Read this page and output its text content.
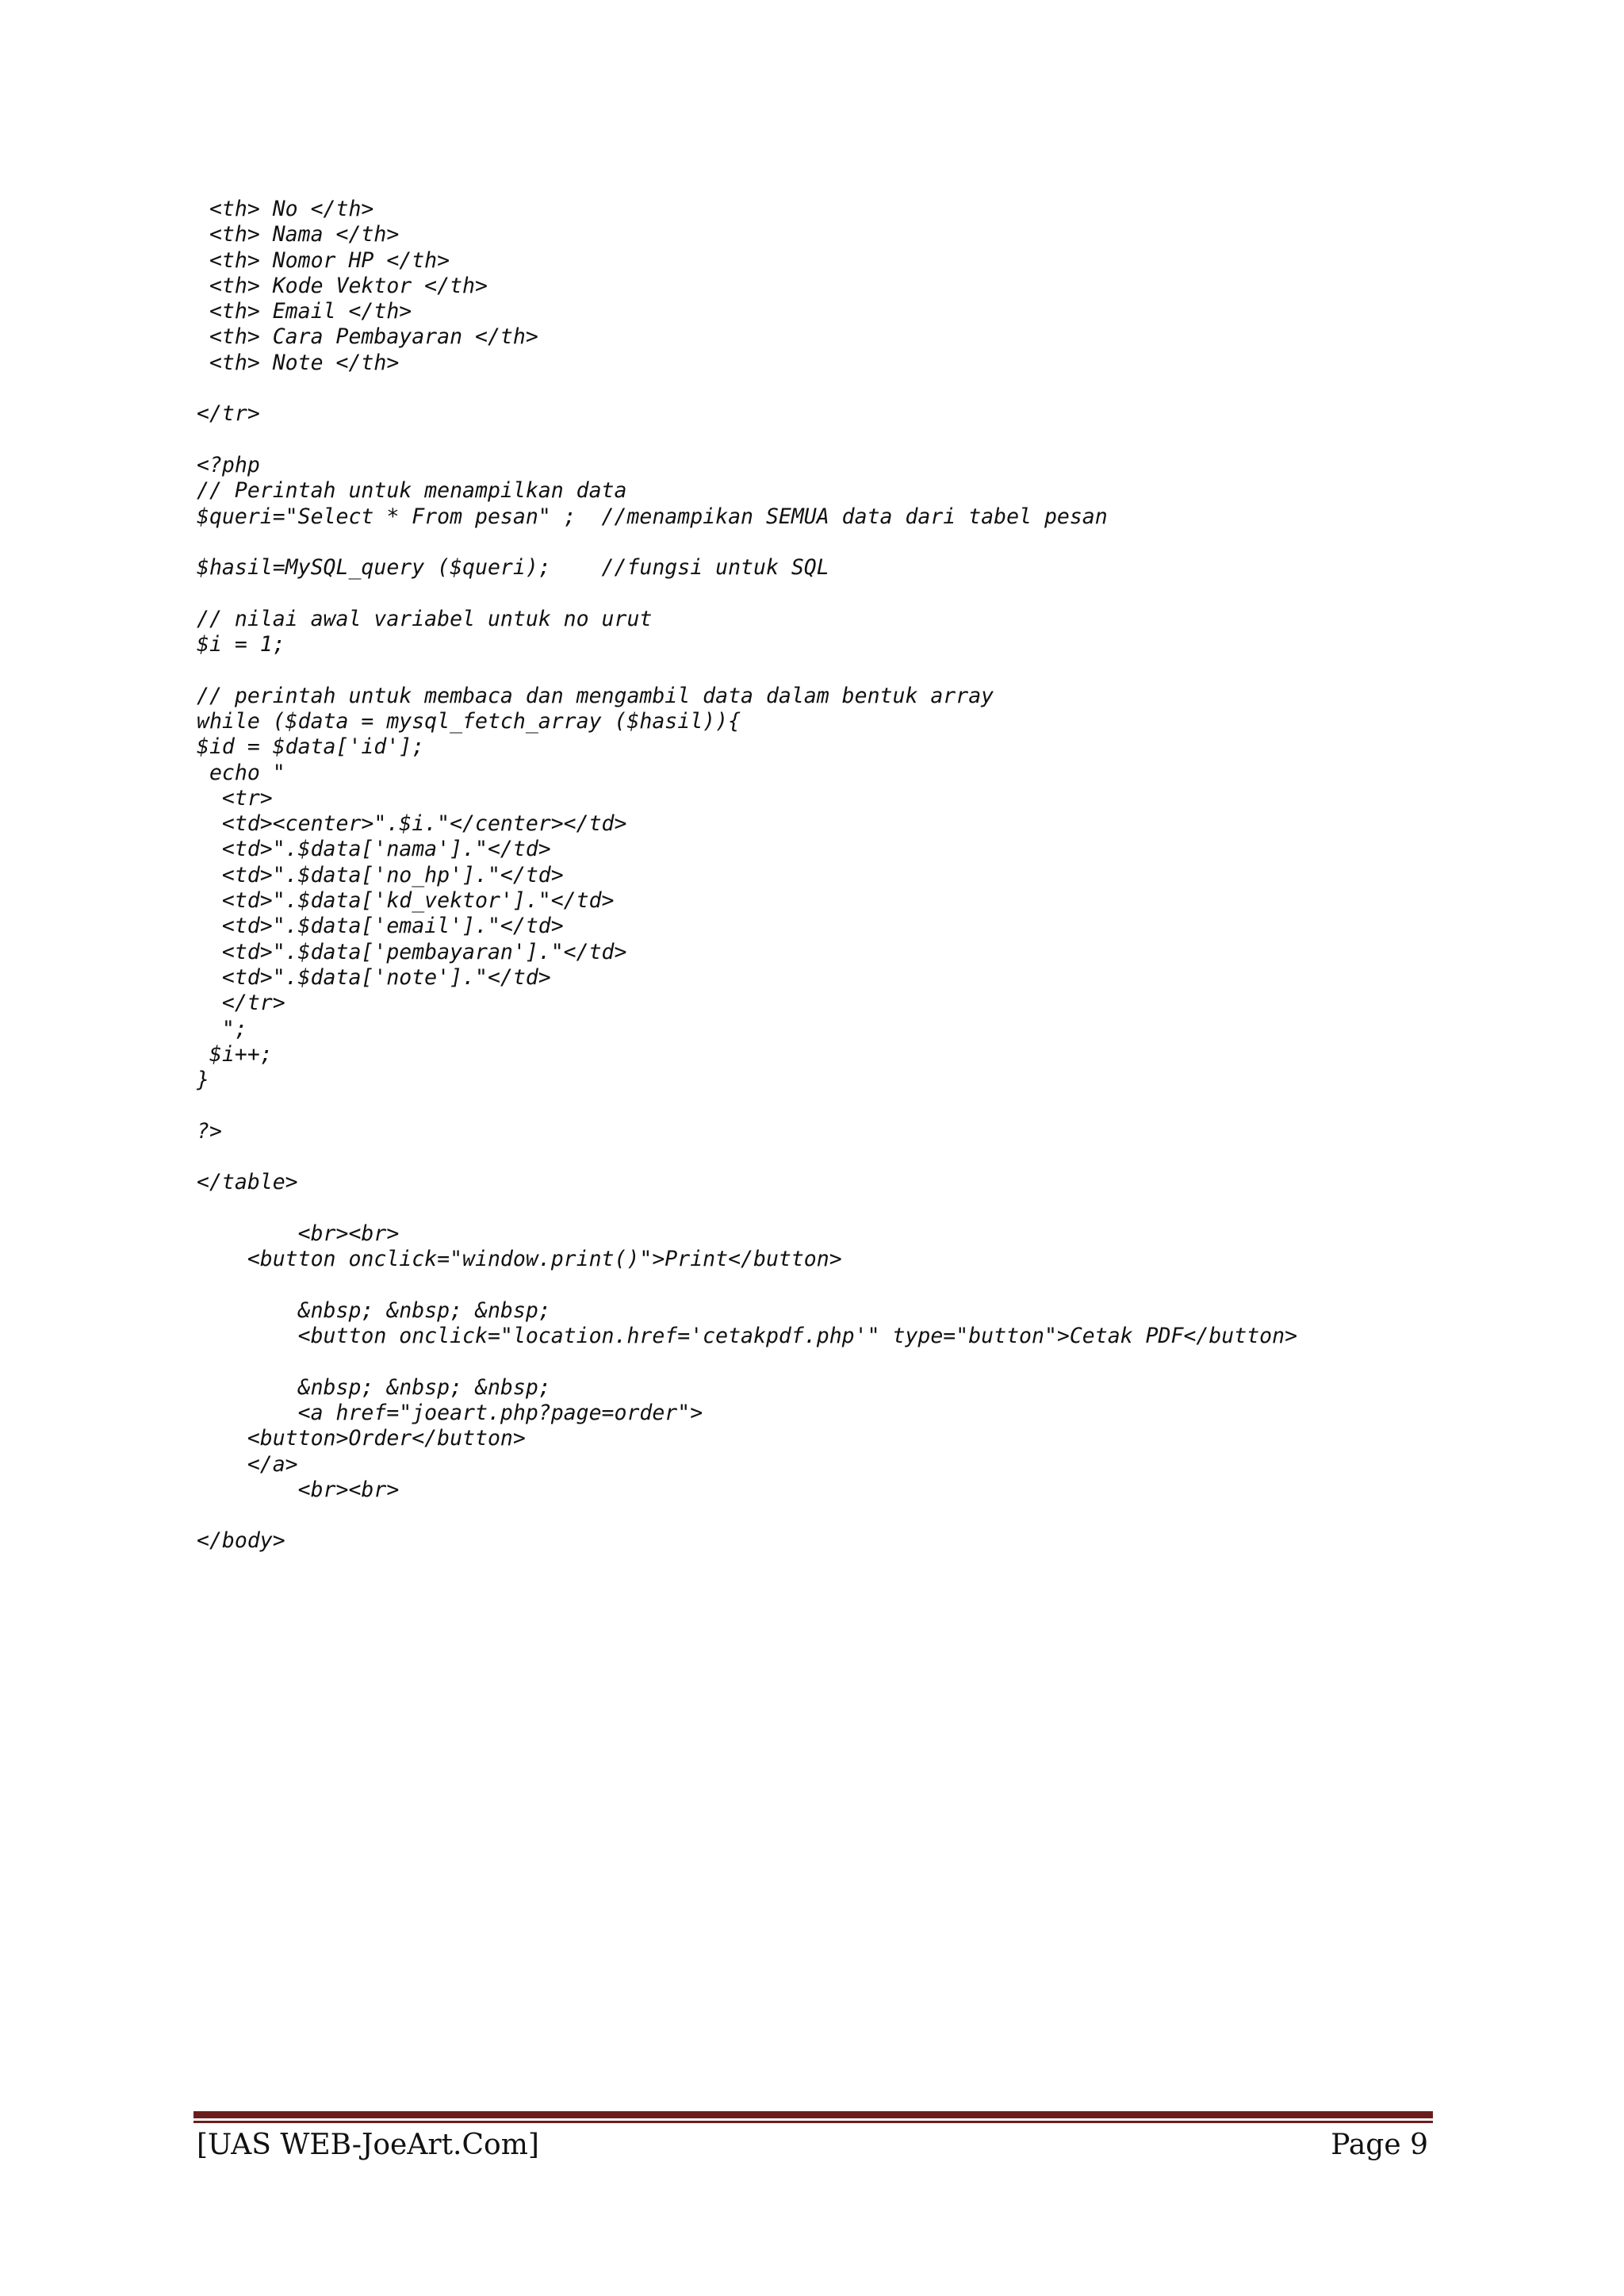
<th> No </th>
<th> Nama </th>
<th> Nomor HP </th>
<th> Kode Vektor </th>
<th> Email </th>
<th> Cara Pembayaran </th>
<th> Note </th>
</tr>
<?php
// Perintah untuk menampilkan data
$queri="Select * From pesan" ;  //menampikan SEMUA data dari tabel pesan
$hasil=MySQL_query ($queri);    //fungsi untuk SQL
// nilai awal variabel untuk no urut
$i = 1;
// perintah untuk membaca dan mengambil data dalam bentuk array
while ($data = mysql_fetch_array ($hasil)){
$id = $data['id'];
echo "
<tr>
<td><center>".$i."</center></td>
<td>".$data['nama']."</td>
<td>".$data['no_hp']."</td>
<td>".$data['kd_vektor']."</td>
<td>".$data['email']."</td>
<td>".$data['pembayaran']."</td>
<td>".$data['note']."</td>
</tr>
";
$i++;
}
?>
</table>
<br><br>
<button onclick="window.print()">Print</button>
&nbsp; &nbsp; &nbsp;
<button onclick="location.href='cetakpdf.php'" type="button">Cetak PDF</button>
&nbsp; &nbsp; &nbsp;
<a href="joeart.php?page=order">
<button>Order</button>
</a>
<br><br>
</body>
[UAS WEB-JoeArt.Com]	Page 9
